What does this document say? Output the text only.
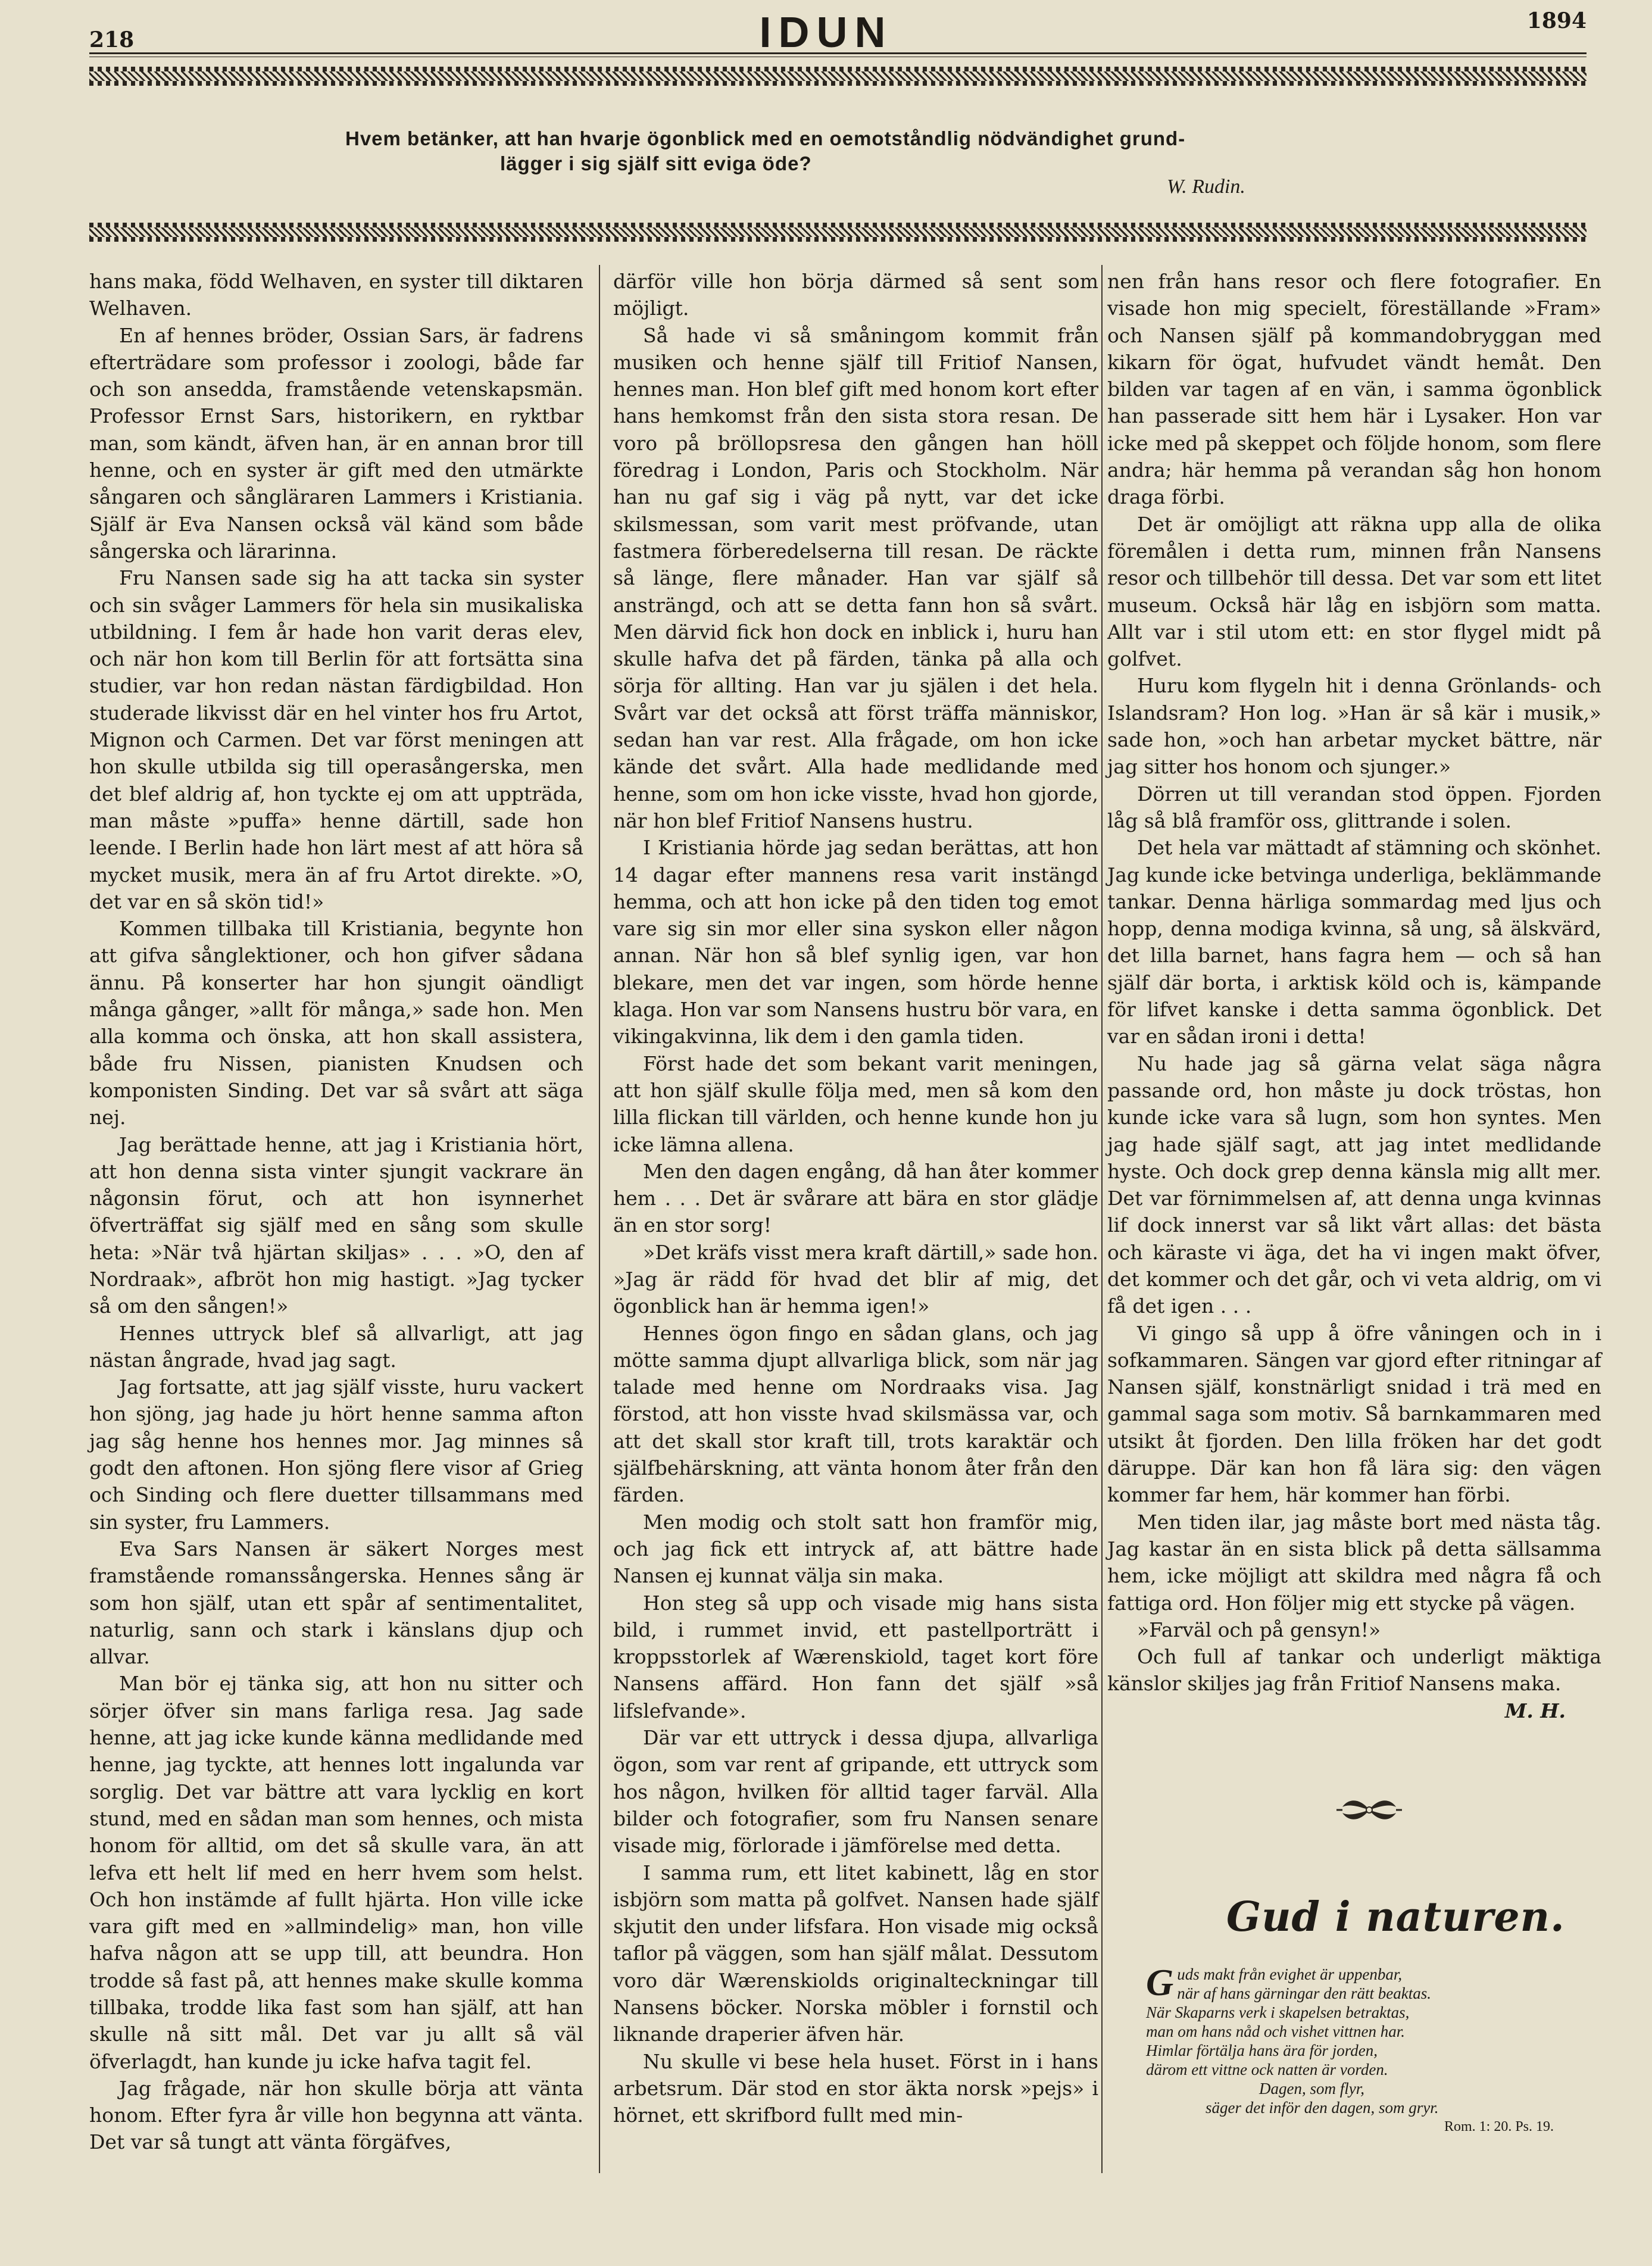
218	IDUN	1894
Hvem betänker, att han hvarje ögonblick med en oemotståndlig nödvändighet grund-
lägger i sig själf sitt eviga öde?
W. Rudin.

hans maka, född Welhaven, en syster till diktaren Welhaven.

En af hennes bröder, Ossian Sars, är fadrens efterträdare som professor i zoologi, både far och son ansedda, framstående vetenskapsmän. Professor Ernst Sars, historikern, en ryktbar man, som kändt, äfven han, är en annan bror till henne, och en syster är gift med den utmärkte sångaren och sångläraren Lammers i Kristiania. Själf är Eva Nansen också väl känd som både sångerska och lärarinna.

Fru Nansen sade sig ha att tacka sin syster och sin svåger Lammers för hela sin musikaliska utbildning. I fem år hade hon varit deras elev, och när hon kom till Berlin för att fortsätta sina studier, var hon redan nästan färdigbildad. Hon studerade likvisst där en hel vinter hos fru Artot, Mignon och Carmen. Det var först meningen att hon skulle utbilda sig till operasångerska, men det blef aldrig af, hon tyckte ej om att uppträda, man måste »puffa» henne därtill, sade hon leende. I Berlin hade hon lärt mest af att höra så mycket musik, mera än af fru Artot direkte. »O, det var en så skön tid!»

Kommen tillbaka till Kristiania, begynte hon att gifva sånglektioner, och hon gifver sådana ännu. På konserter har hon sjungit oändligt många gånger, »allt för många,» sade hon. Men alla komma och önska, att hon skall assistera, både fru Nissen, pianisten Knudsen och komponisten Sinding. Det var så svårt att säga nej.

Jag berättade henne, att jag i Kristiania hört, att hon denna sista vinter sjungit vackrare än någonsin förut, och att hon isynnerhet öfverträffat sig själf med en sång som skulle heta: »När två hjärtan skiljas» . . . »O, den af Nordraak», afbröt hon mig hastigt. »Jag tycker så om den sången!»

Hennes uttryck blef så allvarligt, att jag nästan ångrade, hvad jag sagt.

Jag fortsatte, att jag själf visste, huru vackert hon sjöng, jag hade ju hört henne samma afton jag såg henne hos hennes mor. Jag minnes så godt den aftonen. Hon sjöng flere visor af Grieg och Sinding och flere duetter tillsammans med sin syster, fru Lammers.

Eva Sars Nansen är säkert Norges mest framstående romanssångerska. Hennes sång är som hon själf, utan ett spår af sentimentalitet, naturlig, sann och stark i känslans djup och allvar.

Man bör ej tänka sig, att hon nu sitter och sörjer öfver sin mans farliga resa. Jag sade henne, att jag icke kunde känna medlidande med henne, jag tyckte, att hennes lott ingalunda var sorglig. Det var bättre att vara lycklig en kort stund, med en sådan man som hennes, och mista honom för alltid, om det så skulle vara, än att lefva ett helt lif med en herr hvem som helst. Och hon instämde af fullt hjärta. Hon ville icke vara gift med en »allmindelig» man, hon ville hafva någon att se upp till, att beundra. Hon trodde så fast på, att hennes make skulle komma tillbaka, trodde lika fast som han själf, att han skulle nå sitt mål. Det var ju allt så väl öfverlagdt, han kunde ju icke hafva tagit fel.

Jag frågade, när hon skulle börja att vänta honom. Efter fyra år ville hon begynna att vänta. Det var så tungt att vänta förgäfves,

därför ville hon börja därmed så sent som möjligt.

Så hade vi så småningom kommit från musiken och henne själf till Fritiof Nansen, hennes man. Hon blef gift med honom kort efter hans hemkomst från den sista stora resan. De voro på bröllopsresa den gången han höll föredrag i London, Paris och Stockholm. När han nu gaf sig i väg på nytt, var det icke skilsmessan, som varit mest pröfvande, utan fastmera förberedelserna till resan. De räckte så länge, flere månader. Han var själf så ansträngd, och att se detta fann hon så svårt. Men därvid fick hon dock en inblick i, huru han skulle hafva det på färden, tänka på alla och sörja för allting. Han var ju själen i det hela. Svårt var det också att först träffa människor, sedan han var rest. Alla frågade, om hon icke kände det svårt. Alla hade medlidande med henne, som om hon icke visste, hvad hon gjorde, när hon blef Fritiof Nansens hustru.

I Kristiania hörde jag sedan berättas, att hon 14 dagar efter mannens resa varit instängd hemma, och att hon icke på den tiden tog emot vare sig sin mor eller sina syskon eller någon annan. När hon så blef synlig igen, var hon blekare, men det var ingen, som hörde henne klaga. Hon var som Nansens hustru bör vara, en vikingakvinna, lik dem i den gamla tiden.

Först hade det som bekant varit meningen, att hon själf skulle följa med, men så kom den lilla flickan till världen, och henne kunde hon ju icke lämna allena.

Men den dagen engång, då han åter kommer hem . . . Det är svårare att bära en stor glädje än en stor sorg!

»Det kräfs visst mera kraft därtill,» sade hon. »Jag är rädd för hvad det blir af mig, det ögonblick han är hemma igen!»

Hennes ögon fingo en sådan glans, och jag mötte samma djupt allvarliga blick, som när jag talade med henne om Nordraaks visa. Jag förstod, att hon visste hvad skilsmässa var, och att det skall stor kraft till, trots karaktär och själfbehärskning, att vänta honom åter från den färden.

Men modig och stolt satt hon framför mig, och jag fick ett intryck af, att bättre hade Nansen ej kunnat välja sin maka.

Hon steg så upp och visade mig hans sista bild, i rummet invid, ett pastellporträtt i kroppsstorlek af Wærenskiold, taget kort före Nansens affärd. Hon fann det själf »så lifslefvande».

Där var ett uttryck i dessa djupa, allvarliga ögon, som var rent af gripande, ett uttryck som hos någon, hvilken för alltid tager farväl. Alla bilder och fotografier, som fru Nansen senare visade mig, förlorade i jämförelse med detta.

I samma rum, ett litet kabinett, låg en stor isbjörn som matta på golfvet. Nansen hade själf skjutit den under lifsfara. Hon visade mig också taflor på väggen, som han själf målat. Dessutom voro där Wærenskiolds originalteckningar till Nansens böcker. Norska möbler i fornstil och liknande draperier äfven här.

Nu skulle vi bese hela huset. Först in i hans arbetsrum. Där stod en stor äkta norsk »pejs» i hörnet, ett skrifbord fullt med min-

nen från hans resor och flere fotografier. En visade hon mig specielt, föreställande »Fram» och Nansen själf på kommandobryggan med kikarn för ögat, hufvudet vändt hemåt. Den bilden var tagen af en vän, i samma ögonblick han passerade sitt hem här i Lysaker. Hon var icke med på skeppet och följde honom, som flere andra; här hemma på verandan såg hon honom draga förbi.

Det är omöjligt att räkna upp alla de olika föremålen i detta rum, minnen från Nansens resor och tillbehör till dessa. Det var som ett litet museum. Också här låg en isbjörn som matta. Allt var i stil utom ett: en stor flygel midt på golfvet.

Huru kom flygeln hit i denna Grönlands- och Islandsram? Hon log. »Han är så kär i musik,» sade hon, »och han arbetar mycket bättre, när jag sitter hos honom och sjunger.»

Dörren ut till verandan stod öppen. Fjorden låg så blå framför oss, glittrande i solen.

Det hela var mättadt af stämning och skönhet. Jag kunde icke betvinga underliga, beklämmande tankar. Denna härliga sommardag med ljus och hopp, denna modiga kvinna, så ung, så älskvärd, det lilla barnet, hans fagra hem — och så han själf där borta, i arktisk köld och is, kämpande för lifvet kanske i detta samma ögonblick. Det var en sådan ironi i detta!

Nu hade jag så gärna velat säga några passande ord, hon måste ju dock tröstas, hon kunde icke vara så lugn, som hon syntes. Men jag hade själf sagt, att jag intet medlidande hyste. Och dock grep denna känsla mig allt mer. Det var förnimmelsen af, att denna unga kvinnas lif dock innerst var så likt vårt allas: det bästa och käraste vi äga, det ha vi ingen makt öfver, det kommer och det går, och vi veta aldrig, om vi få det igen . . .

Vi gingo så upp å öfre våningen och in i sofkammaren. Sängen var gjord efter ritningar af Nansen själf, konstnärligt snidad i trä med en gammal saga som motiv. Så barnkammaren med utsikt åt fjorden. Den lilla fröken har det godt däruppe. Där kan hon få lära sig: den vägen kommer far hem, här kommer han förbi.

Men tiden ilar, jag måste bort med nästa tåg. Jag kastar än en sista blick på detta sällsamma hem, icke möjligt att skildra med några få och fattiga ord. Hon följer mig ett stycke på vägen.

»Farväl och på gensyn!»

Och full af tankar och underligt mäktiga känslor skiljes jag från Fritiof Nansens maka.

M. H.

Gud i naturen.
G uds makt från evighet är uppenbar,
när af hans gärningar den rätt beaktas.
När Skaparns verk i skapelsen betraktas,
man om hans nåd och vishet vittnen har.
Himlar förtälja hans ära för jorden,
därom ett vittne ock natten är vorden.
Dagen, som flyr,
säger det inför den dagen, som gryr.
Rom. 1: 20. Ps. 19.
